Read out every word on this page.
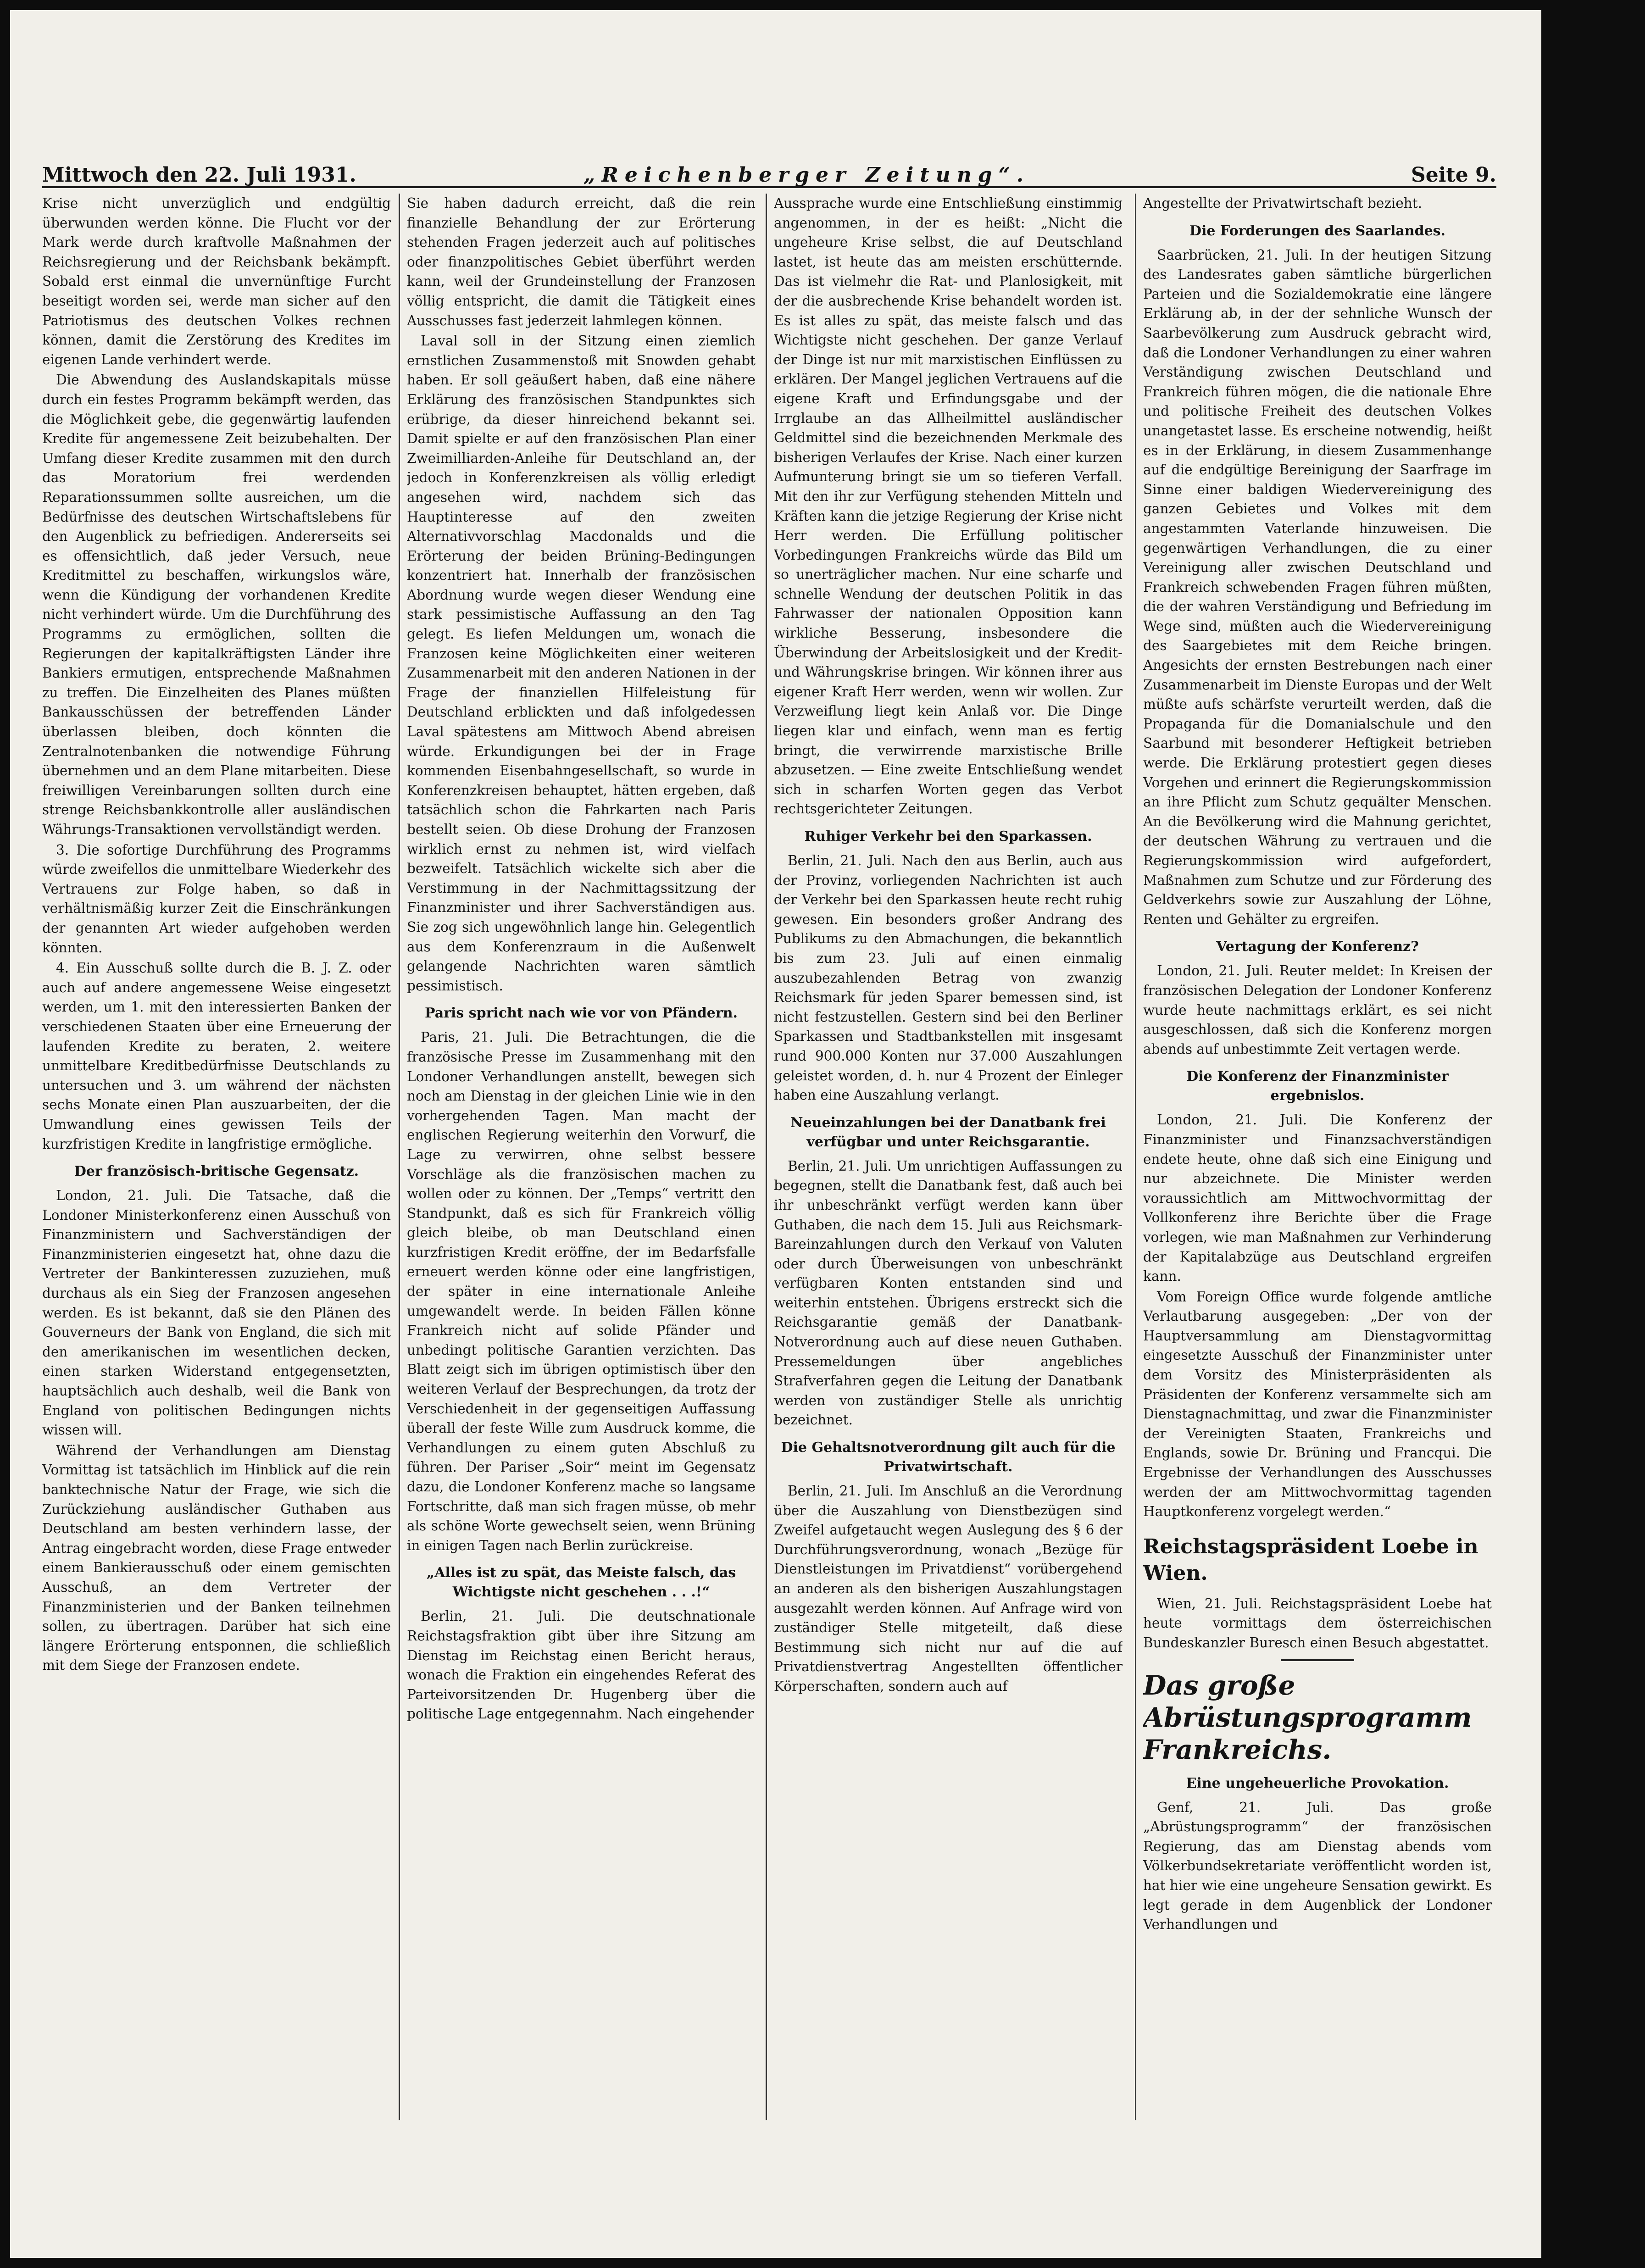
Mittwoch den 22. Juli 1931.	„Reichenberger Zeitung“.	Seite 9.

Krise nicht unverzüglich und endgültig überwunden werden könne. Die Flucht vor der Mark werde durch kraftvolle Maßnahmen der Reichsregierung und der Reichsbank bekämpft. Sobald erst einmal die unvernünftige Furcht beseitigt worden sei, werde man sicher auf den Patriotismus des deutschen Volkes rechnen können, damit die Zerstörung des Kredites im eigenen Lande verhindert werde.

Die Abwendung des Auslandskapitals müsse durch ein festes Programm bekämpft werden, das die Möglichkeit gebe, die gegenwärtig laufenden Kredite für angemessene Zeit beizubehalten. Der Umfang dieser Kredite zusammen mit den durch das Moratorium frei werdenden Reparationssummen sollte ausreichen, um die Bedürfnisse des deutschen Wirtschaftslebens für den Augenblick zu befriedigen. Andererseits sei es offensichtlich, daß jeder Versuch, neue Kreditmittel zu beschaffen, wirkungslos wäre, wenn die Kündigung der vorhandenen Kredite nicht verhindert würde. Um die Durchführung des Programms zu ermöglichen, sollten die Regierungen der kapitalkräftigsten Länder ihre Bankiers ermutigen, entsprechende Maßnahmen zu treffen. Die Einzelheiten des Planes müßten Bankausschüssen der betreffenden Länder überlassen bleiben, doch könnten die Zentralnotenbanken die notwendige Führung übernehmen und an dem Plane mitarbeiten. Diese freiwilligen Vereinbarungen sollten durch eine strenge Reichsbankkontrolle aller ausländischen Währungs-Transaktionen vervollständigt werden.

3. Die sofortige Durchführung des Programms würde zweifellos die unmittelbare Wiederkehr des Vertrauens zur Folge haben, so daß in verhältnismäßig kurzer Zeit die Einschränkungen der genannten Art wieder aufgehoben werden könnten.

4. Ein Ausschuß sollte durch die B. J. Z. oder auch auf andere angemessene Weise eingesetzt werden, um 1. mit den interessierten Banken der verschiedenen Staaten über eine Erneuerung der laufenden Kredite zu beraten, 2. weitere unmittelbare Kreditbedürfnisse Deutschlands zu untersuchen und 3. um während der nächsten sechs Monate einen Plan auszuarbeiten, der die Umwandlung eines gewissen Teils der kurzfristigen Kredite in langfristige ermögliche.

Der französisch-britische Gegensatz.

London, 21. Juli. Die Tatsache, daß die Londoner Ministerkonferenz einen Ausschuß von Finanzministern und Sachverständigen der Finanzministerien eingesetzt hat, ohne dazu die Vertreter der Bankinteressen zuzuziehen, muß durchaus als ein Sieg der Franzosen angesehen werden. Es ist bekannt, daß sie den Plänen des Gouverneurs der Bank von England, die sich mit den amerikanischen im wesentlichen decken, einen starken Widerstand entgegensetzten, hauptsächlich auch deshalb, weil die Bank von England von politischen Bedingungen nichts wissen will.

Während der Verhandlungen am Dienstag Vormittag ist tatsächlich im Hinblick auf die rein banktechnische Natur der Frage, wie sich die Zurückziehung ausländischer Guthaben aus Deutschland am besten verhindern lasse, der Antrag eingebracht worden, diese Frage entweder einem Bankierausschuß oder einem gemischten Ausschuß, an dem Vertreter der Finanzministerien und der Banken teilnehmen sollen, zu übertragen. Darüber hat sich eine längere Erörterung entsponnen, die schließlich mit dem Siege der Franzosen endete.

Sie haben dadurch erreicht, daß die rein finanzielle Behandlung der zur Erörterung stehenden Fragen jederzeit auch auf politisches oder finanzpolitisches Gebiet überführt werden kann, weil der Grundeinstellung der Franzosen völlig entspricht, die damit die Tätigkeit eines Ausschusses fast jederzeit lahmlegen können.

Laval soll in der Sitzung einen ziemlich ernstlichen Zusammenstoß mit Snowden gehabt haben. Er soll geäußert haben, daß eine nähere Erklärung des französischen Standpunktes sich erübrige, da dieser hinreichend bekannt sei. Damit spielte er auf den französischen Plan einer Zweimilliarden-Anleihe für Deutschland an, der jedoch in Konferenzkreisen als völlig erledigt angesehen wird, nachdem sich das Hauptinteresse auf den zweiten Alternativvorschlag Macdonalds und die Erörterung der beiden Brüning-Bedingungen konzentriert hat. Innerhalb der französischen Abordnung wurde wegen dieser Wendung eine stark pessimistische Auffassung an den Tag gelegt. Es liefen Meldungen um, wonach die Franzosen keine Möglichkeiten einer weiteren Zusammenarbeit mit den anderen Nationen in der Frage der finanziellen Hilfeleistung für Deutschland erblickten und daß infolgedessen Laval spätestens am Mittwoch Abend abreisen würde. Erkundigungen bei der in Frage kommenden Eisenbahngesellschaft, so wurde in Konferenzkreisen behauptet, hätten ergeben, daß tatsächlich schon die Fahrkarten nach Paris bestellt seien. Ob diese Drohung der Franzosen wirklich ernst zu nehmen ist, wird vielfach bezweifelt. Tatsächlich wickelte sich aber die Verstimmung in der Nachmittagssitzung der Finanzminister und ihrer Sachverständigen aus. Sie zog sich ungewöhnlich lange hin. Gelegentlich aus dem Konferenzraum in die Außenwelt gelangende Nachrichten waren sämtlich pessimistisch.

Paris spricht nach wie vor von Pfändern.

Paris, 21. Juli. Die Betrachtungen, die die französische Presse im Zusammenhang mit den Londoner Verhandlungen anstellt, bewegen sich noch am Dienstag in der gleichen Linie wie in den vorhergehenden Tagen. Man macht der englischen Regierung weiterhin den Vorwurf, die Lage zu verwirren, ohne selbst bessere Vorschläge als die französischen machen zu wollen oder zu können. Der „Temps“ vertritt den Standpunkt, daß es sich für Frankreich völlig gleich bleibe, ob man Deutschland einen kurzfristigen Kredit eröffne, der im Bedarfsfalle erneuert werden könne oder eine langfristigen, der später in eine internationale Anleihe umgewandelt werde. In beiden Fällen könne Frankreich nicht auf solide Pfänder und unbedingt politische Garantien verzichten. Das Blatt zeigt sich im übrigen optimistisch über den weiteren Verlauf der Besprechungen, da trotz der Verschiedenheit in der gegenseitigen Auffassung überall der feste Wille zum Ausdruck komme, die Verhandlungen zu einem guten Abschluß zu führen. Der Pariser „Soir“ meint im Gegensatz dazu, die Londoner Konferenz mache so langsame Fortschritte, daß man sich fragen müsse, ob mehr als schöne Worte gewechselt seien, wenn Brüning in einigen Tagen nach Berlin zurückreise.

„Alles ist zu spät, das Meiste falsch, das Wichtigste nicht geschehen . . .!“

Berlin, 21. Juli. Die deutschnationale Reichstagsfraktion gibt über ihre Sitzung am Dienstag im Reichstag einen Bericht heraus, wonach die Fraktion ein eingehendes Referat des Parteivorsitzenden Dr. Hugenberg über die politische Lage entgegennahm. Nach eingehender

Aussprache wurde eine Entschließung einstimmig angenommen, in der es heißt: „Nicht die ungeheure Krise selbst, die auf Deutschland lastet, ist heute das am meisten erschütternde. Das ist vielmehr die Rat- und Planlosigkeit, mit der die ausbrechende Krise behandelt worden ist. Es ist alles zu spät, das meiste falsch und das Wichtigste nicht geschehen. Der ganze Verlauf der Dinge ist nur mit marxistischen Einflüssen zu erklären. Der Mangel jeglichen Vertrauens auf die eigene Kraft und Erfindungsgabe und der Irrglaube an das Allheilmittel ausländischer Geldmittel sind die bezeichnenden Merkmale des bisherigen Verlaufes der Krise. Nach einer kurzen Aufmunterung bringt sie um so tieferen Verfall. Mit den ihr zur Verfügung stehenden Mitteln und Kräften kann die jetzige Regierung der Krise nicht Herr werden. Die Erfüllung politischer Vorbedingungen Frankreichs würde das Bild um so unerträglicher machen. Nur eine scharfe und schnelle Wendung der deutschen Politik in das Fahrwasser der nationalen Opposition kann wirkliche Besserung, insbesondere die Überwindung der Arbeitslosigkeit und der Kredit- und Währungskrise bringen. Wir können ihrer aus eigener Kraft Herr werden, wenn wir wollen. Zur Verzweiflung liegt kein Anlaß vor. Die Dinge liegen klar und einfach, wenn man es fertig bringt, die verwirrende marxistische Brille abzusetzen. — Eine zweite Entschließung wendet sich in scharfen Worten gegen das Verbot rechtsgerichteter Zeitungen.

Ruhiger Verkehr bei den Sparkassen.

Berlin, 21. Juli. Nach den aus Berlin, auch aus der Provinz, vorliegenden Nachrichten ist auch der Verkehr bei den Sparkassen heute recht ruhig gewesen. Ein besonders großer Andrang des Publikums zu den Abmachungen, die bekanntlich bis zum 23. Juli auf einen einmalig auszubezahlenden Betrag von zwanzig Reichsmark für jeden Sparer bemessen sind, ist nicht festzustellen. Gestern sind bei den Berliner Sparkassen und Stadtbankstellen mit insgesamt rund 900.000 Konten nur 37.000 Auszahlungen geleistet worden, d. h. nur 4 Prozent der Einleger haben eine Auszahlung verlangt.

Neueinzahlungen bei der Danatbank frei verfügbar und unter Reichsgarantie.

Berlin, 21. Juli. Um unrichtigen Auffassungen zu begegnen, stellt die Danatbank fest, daß auch bei ihr unbeschränkt verfügt werden kann über Guthaben, die nach dem 15. Juli aus Reichsmark-Bareinzahlungen durch den Verkauf von Valuten oder durch Überweisungen von unbeschränkt verfügbaren Konten entstanden sind und weiterhin entstehen. Übrigens erstreckt sich die Reichsgarantie gemäß der Danatbank-Notverordnung auch auf diese neuen Guthaben. Pressemeldungen über angebliches Strafverfahren gegen die Leitung der Danatbank werden von zuständiger Stelle als unrichtig bezeichnet.

Die Gehaltsnotverordnung gilt auch für die Privatwirtschaft.

Berlin, 21. Juli. Im Anschluß an die Verordnung über die Auszahlung von Dienstbezügen sind Zweifel aufgetaucht wegen Auslegung des § 6 der Durchführungsverordnung, wonach „Bezüge für Dienstleistungen im Privatdienst“ vorübergehend an anderen als den bisherigen Auszahlungstagen ausgezahlt werden können. Auf Anfrage wird von zuständiger Stelle mitgeteilt, daß diese Bestimmung sich nicht nur auf die auf Privatdienstvertrag Angestellten öffentlicher Körperschaften, sondern auch auf

Angestellte der Privatwirtschaft bezieht.

Die Forderungen des Saarlandes.

Saarbrücken, 21. Juli. In der heutigen Sitzung des Landesrates gaben sämtliche bürgerlichen Parteien und die Sozialdemokratie eine längere Erklärung ab, in der der sehnliche Wunsch der Saarbevölkerung zum Ausdruck gebracht wird, daß die Londoner Verhandlungen zu einer wahren Verständigung zwischen Deutschland und Frankreich führen mögen, die die nationale Ehre und politische Freiheit des deutschen Volkes unangetastet lasse. Es erscheine notwendig, heißt es in der Erklärung, in diesem Zusammenhange auf die endgültige Bereinigung der Saarfrage im Sinne einer baldigen Wiedervereinigung des ganzen Gebietes und Volkes mit dem angestammten Vaterlande hinzuweisen. Die gegenwärtigen Verhandlungen, die zu einer Vereinigung aller zwischen Deutschland und Frankreich schwebenden Fragen führen müßten, die der wahren Verständigung und Befriedung im Wege sind, müßten auch die Wiedervereinigung des Saargebietes mit dem Reiche bringen. Angesichts der ernsten Bestrebungen nach einer Zusammenarbeit im Dienste Europas und der Welt müßte aufs schärfste verurteilt werden, daß die Propaganda für die Domanialschule und den Saarbund mit besonderer Heftigkeit betrieben werde. Die Erklärung protestiert gegen dieses Vorgehen und erinnert die Regierungskommission an ihre Pflicht zum Schutz gequälter Menschen. An die Bevölkerung wird die Mahnung gerichtet, der deutschen Währung zu vertrauen und die Regierungskommission wird aufgefordert, Maßnahmen zum Schutze und zur Förderung des Geldverkehrs sowie zur Auszahlung der Löhne, Renten und Gehälter zu ergreifen.

Vertagung der Konferenz?

London, 21. Juli. Reuter meldet: In Kreisen der französischen Delegation der Londoner Konferenz wurde heute nachmittags erklärt, es sei nicht ausgeschlossen, daß sich die Konferenz morgen abends auf unbestimmte Zeit vertagen werde.

Die Konferenz der Finanzminister ergebnislos.

London, 21. Juli. Die Konferenz der Finanzminister und Finanzsachverständigen endete heute, ohne daß sich eine Einigung und nur abzeichnete. Die Minister werden voraussichtlich am Mittwochvormittag der Vollkonferenz ihre Berichte über die Frage vorlegen, wie man Maßnahmen zur Verhinderung der Kapitalabzüge aus Deutschland ergreifen kann.

Vom Foreign Office wurde folgende amtliche Verlautbarung ausgegeben: „Der von der Hauptversammlung am Dienstagvormittag eingesetzte Ausschuß der Finanzminister unter dem Vorsitz des Ministerpräsidenten als Präsidenten der Konferenz versammelte sich am Dienstagnachmittag, und zwar die Finanzminister der Vereinigten Staaten, Frankreichs und Englands, sowie Dr. Brüning und Francqui. Die Ergebnisse der Verhandlungen des Ausschusses werden der am Mittwochvormittag tagenden Hauptkonferenz vorgelegt werden.“

Reichstagspräsident Loebe in Wien.

Wien, 21. Juli. Reichstagspräsident Loebe hat heute vormittags dem österreichischen Bundeskanzler Buresch einen Besuch abgestattet.

Das große Abrüstungsprogramm Frankreichs.
Eine ungeheuerliche Provokation.

Genf, 21. Juli. Das große „Abrüstungsprogramm“ der französischen Regierung, das am Dienstag abends vom Völkerbundsekretariate veröffentlicht worden ist, hat hier wie eine ungeheure Sensation gewirkt. Es legt gerade in dem Augenblick der Londoner Verhandlungen und
